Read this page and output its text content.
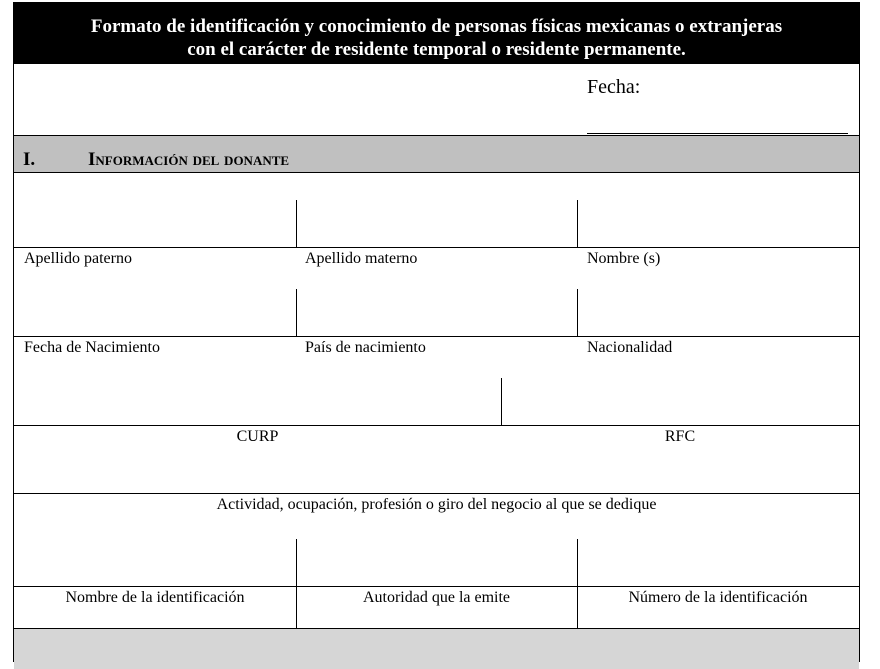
Formato de identificación y conocimiento de personas físicas mexicanas o extranjeras
con el carácter de residente temporal o residente permanente.
Fecha:
I.	Información del donante
Apellido paterno	Apellido materno	Nombre (s)
Fecha de Nacimiento	País de nacimiento	Nacionalidad
CURP	RFC
Actividad, ocupación, profesión o giro del negocio al que se dedique
Nombre de la identificación	Autoridad que la emite	Número de la identificación
